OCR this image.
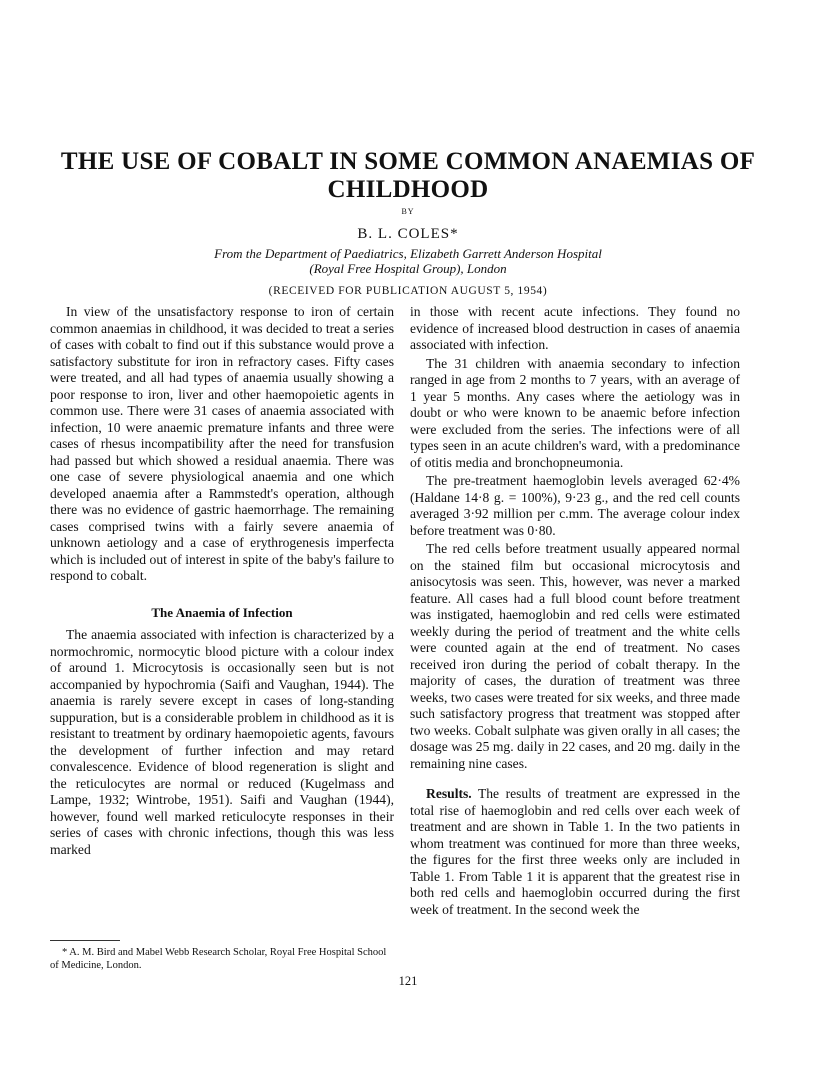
THE USE OF COBALT IN SOME COMMON ANAEMIAS OF CHILDHOOD
BY
B. L. COLES*
From the Department of Paediatrics, Elizabeth Garrett Anderson Hospital
(Royal Free Hospital Group), London
(RECEIVED FOR PUBLICATION AUGUST 5, 1954)

In view of the unsatisfactory response to iron of certain common anaemias in childhood, it was decided to treat a series of cases with cobalt to find out if this substance would prove a satisfactory substitute for iron in refractory cases. Fifty cases were treated, and all had types of anaemia usually showing a poor response to iron, liver and other haemopoietic agents in common use. There were 31 cases of anaemia associated with infection, 10 were anaemic premature infants and three were cases of rhesus incompatibility after the need for transfusion had passed but which showed a residual anaemia. There was one case of severe physiological anaemia and one which developed anaemia after a Rammstedt's operation, although there was no evidence of gastric haemorrhage. The remaining cases comprised twins with a fairly severe anaemia of unknown aetiology and a case of erythrogenesis imperfecta which is included out of interest in spite of the baby's failure to respond to cobalt.

The Anaemia of Infection

The anaemia associated with infection is characterized by a normochromic, normocytic blood picture with a colour index of around 1. Microcytosis is occasionally seen but is not accompanied by hypochromia (Saifi and Vaughan, 1944). The anaemia is rarely severe except in cases of long-standing suppuration, but is a considerable problem in childhood as it is resistant to treatment by ordinary haemopoietic agents, favours the development of further infection and may retard convalescence. Evidence of blood regeneration is slight and the reticulocytes are normal or reduced (Kugelmass and Lampe, 1932; Wintrobe, 1951). Saifi and Vaughan (1944), however, found well marked reticulocyte responses in their series of cases with chronic infections, though this was less marked

in those with recent acute infections. They found no evidence of increased blood destruction in cases of anaemia associated with infection.

The 31 children with anaemia secondary to infection ranged in age from 2 months to 7 years, with an average of 1 year 5 months. Any cases where the aetiology was in doubt or who were known to be anaemic before infection were excluded from the series. The infections were of all types seen in an acute children's ward, with a predominance of otitis media and bronchopneumonia.

The pre-treatment haemoglobin levels averaged 62·4% (Haldane 14·8 g. = 100%), 9·23 g., and the red cell counts averaged 3·92 million per c.mm. The average colour index before treatment was 0·80.

The red cells before treatment usually appeared normal on the stained film but occasional microcytosis and anisocytosis was seen. This, however, was never a marked feature. All cases had a full blood count before treatment was instigated, haemoglobin and red cells were estimated weekly during the period of treatment and the white cells were counted again at the end of treatment. No cases received iron during the period of cobalt therapy. In the majority of cases, the duration of treatment was three weeks, two cases were treated for six weeks, and three made such satisfactory progress that treatment was stopped after two weeks. Cobalt sulphate was given orally in all cases; the dosage was 25 mg. daily in 22 cases, and 20 mg. daily in the remaining nine cases.

Results. The results of treatment are expressed in the total rise of haemoglobin and red cells over each week of treatment and are shown in Table 1. In the two patients in whom treatment was continued for more than three weeks, the figures for the first three weeks only are included in Table 1. From Table 1 it is apparent that the greatest rise in both red cells and haemoglobin occurred during the first week of treatment. In the second week the

* A. M. Bird and Mabel Webb Research Scholar, Royal Free Hospital School of Medicine, London.

121
